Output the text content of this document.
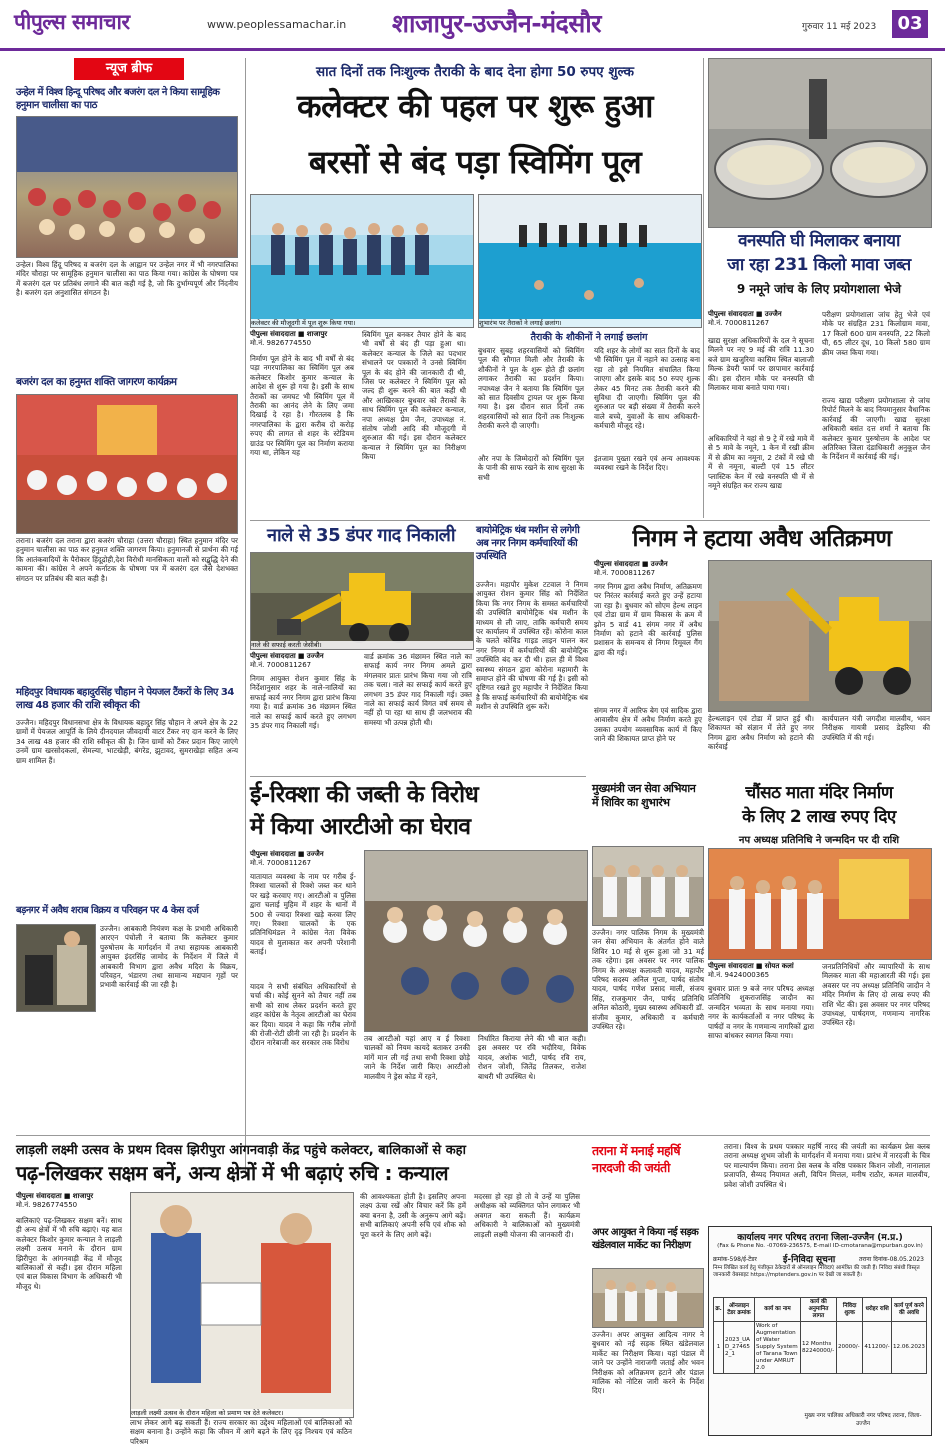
पीपुल्स समाचार	www.peoplessamachar.in शाजापुर-उज्जैन-मंदसौर	गुरुवार 11 मई 2023	03
न्यूज ब्रीफ
उन्हेल में विश्व हिन्दू परिषद और बजरंग दल ने किया सामूहिक हनुमान चालीसा का पाठ
उन्हेल। विश्व हिंदू परिषद व बजरंग दल के आह्वान पर उन्हेल नगर में भी नगरपालिका मंदिर चौराहा पर सामूहिक हनुमान चालीसा का पाठ किया गया। कांग्रेस के घोषणा पत्र में बजरंग दल पर प्रतिबंध लगाने की बात कही गई है, जो कि दुर्भाग्यपूर्ण और निंदनीय है। बजरंग दल अनुशासित संगठन है।
बजरंग दल का हनुमत शक्ति जागरण कार्यक्रम
तराना। बजरंग दल तराना द्वारा बजरंग चौराहा (उत्तरा चौराहा) स्थित हनुमान मंदिर पर हनुमान चालीसा का पाठ कर हनुमत शक्ति जागरण किया। हनुमानजी से प्रार्थना की गई कि आतंकवादियों के पैरोकार हिंदूद्रोही,देश विरोधी मानसिकता वालों को सद्बुद्धि देने की कामना की। कांग्रेस ने अपने कर्नाटक के घोषणा पत्र में बजरंग दल जैसे देशभक्त संगठन पर प्रतिबंध की बात कही है।
महिदपुर विधायक बहादुरसिंह चौहान ने पेयजल टैंकरों के लिए 34 लाख 48 हजार की राशि स्वीकृत की
उज्जैन। महिदपुर विधानसभा क्षेत्र के विधायक बहादुर सिंह चौहान ने अपने क्षेत्र के 22 ग्रामों में पेयजल आपूर्ति के लिये दीनदयाल जीवदायी वाटर टैंकर नए दान करने के लिए 34 लाख 48 हजार की राशि स्वीकृत की है। जिन ग्रामों को टैंकर प्रदान किए जाएंगे उनमें ग्राम खरसोदकलां, सेमल्या, भाटखेड़ी, बंगरेड, झुटावद, सुमराखेड़ा सहित अन्य ग्राम शामिल हैं।
बड़नगर में अवैध शराब विक्रय व परिवहन पर 4 केस दर्ज
उज्जैन। आबकारी नियंत्रण कक्ष के प्रभारी अधिकारी आरएन पंचोली ने बताया कि कलेक्टर कुमार पुरुषोत्तम के मार्गदर्शन में तथा सहायक आबकारी आयुक्त इंदरसिंह जामोद के निर्देशन में जिले में आबकारी विभाग द्वारा अवैध मदिरा के विक्रय, परिवहन, भंडारण तथा सामान्य मद्यपान गृहों पर प्रभावी कार्रवाई की जा रही है।
सात दिनों तक निःशुल्क तैराकी के बाद देना होगा 50 रुपए शुल्क
कलेक्टर की पहल पर शुरू हुआ
बरसों से बंद पड़ा स्विमिंग पूल
कलेक्टर की मौजूदगी में पूल शुरू किया गया।	शुभारंभ पर तैराकों ने लगाई छलांग।
पीपुल्स संवाददाता ■ शाजापुर
मो.नं. 9826774550
निर्माण पूल होने के बाद भी वर्षों से बंद पड़ा नगरपालिका का स्विमिंग पूल अब कलेक्टर किशोर कुमार कन्याल के आदेश से शुरू हो गया है। इसी के साथ तैराकों का जमघट भी स्विमिंग पूल में तैराकी का आनंद लेने के लिए जमा दिखाई दे रहा है। गौरतलब है कि नगरपालिका के द्वारा करीब दो करोड़ रुपए की लागत से शहर के स्टेडियम ग्राउंड पर स्विमिंग पूल का निर्माण कराया गया था, लेकिन यह
स्विमिंग पूल बनकर तैयार होने के बाद भी वर्षों से बंद ही पड़ा हुआ था। कलेक्टर कन्याल के जिले का पदभार संभालने पर पत्रकारों ने उनसे स्विमिंग पूल के बंद होने की जानकारी दी थी, जिस पर कलेक्टर ने स्विमिंग पूल को जल्द ही शुरू करने की बात कही थी और आखिरकार बुधवार को तैराकों के साथ स्विमिंग पूल की कलेक्टर कन्याल, नपा अध्यक्ष प्रेम जैन, उपाध्यक्ष नं. संतोष जोशी आदि की मौजूदगी में शुरुआत की गई। इस दौरान कलेक्टर कन्याल ने स्विमिंग पूल का निरीक्षण किया
तैराकी के शौकीनों ने लगाई छलांग
बुधवार सुबह शहरवासियों को स्विमिंग पूल की सौगात मिली और तैराकी के शौकीनों ने पूल के शुरू होते ही छलांग लगाकर तैराकी का प्रदर्शन किया। नपाध्यक्ष जैन ने बताया कि स्विमिंग पूल को सात दिवसीय ट्रायल पर शुरू किया गया है। इस दौरान सात दिनों तक शहरवासियों को सात दिनों तक निःशुल्क तैराकी करने दी जाएगी।
और नपा के जिम्मेदारों को स्विमिंग पूल के पानी की साफ रखने के साथ सुरक्षा के सभी
यदि शहर के लोगों का सात दिनों के बाद भी स्विमिंग पूल में नहाने का उत्साह बना रहा तो इसे नियमित संचालित किया जाएगा और इसके बाद 50 रुपए शुल्क लेकर 45 मिनट तक तैराकी करने की सुविधा दी जाएगी। स्विमिंग पूल की शुरुआत पर बड़ी संख्या में तैराकी करने वाले बच्चे, युवाओं के साथ अधिकारी-कर्मचारी मौजूद रहे।
इंतजाम पुख्ता रखने एवं अन्य आवश्यक व्यवस्था रखने के निर्देश दिए।
वनस्पति घी मिलाकर बनाया
जा रहा 231 किलो मावा जब्त
9 नमूने जांच के लिए प्रयोगशाला भेजे
पीपुल्स संवाददाता ■ उज्जैन
मो.नं. 7000811267
खाद्य सुरक्षा अधिकारियों के दल ने सूचना मिलने पर नए 9 मई की रात्रि 11.30 बजे ग्राम खजुरिया कासिम स्थित बालाजी मिल्क डेयरी फार्म पर छापामार कार्रवाई की। इस दौरान मौके पर वनस्पति घी मिलाकर मावा बनाते पाया गया।
अधिकारियों ने यहां से 9 ट्रे में रखे मावे में से 5 मावे के नमूने, 1 केन में रखी क्रीम में से क्रीम का नमूना, 2 टंकों में रखे घी में से नमूना, बाल्टी एवं 15 लीटर प्लास्टिक केन में रखे वनस्पति घी में से नमूने संग्रहित कर राज्य खाद्य
परीक्षण प्रयोगशाला जांच हेतु भेजे एवं मौके पर संग्रहित 231 किलोग्राम मावा, 17 किलो 600 ग्राम वनस्पति, 22 किलो घी, 65 लीटर दूध, 10 किलो 580 ग्राम क्रीम जब्त किया गया।
राज्य खाद्य परीक्षण प्रयोगशाला से जांच रिपोर्ट मिलने के बाद नियमानुसार वैधानिक कार्रवाई की जाएगी। खाद्य सुरक्षा अधिकारी बसंत दत्त शर्मा ने बताया कि कलेक्टर कुमार पुरुषोत्तम के आदेश पर अतिरिक्त जिला दंडाधिकारी अनुकूल जैन के निर्देशन में कार्रवाई की गई।
नाले से 35 डंपर गाद निकाली
नाले की सफाई करती जेसीबी।
पीपुल्स संवाददाता ■ उज्जैन
मो.नं. 7000811267
निगम आयुक्त रोशन कुमार सिंह के निर्देशानुसार शहर के नाले-नालियों का सफाई कार्य नगर निगम द्वारा प्रारंभ किया गया है। वार्ड क्रमांक 36 मंछामन स्थित नाले का सफाई कार्य करते हुए लगभग 35 डंपर गाद निकाली गई।
वार्ड क्रमांक 36 मंछामन स्थित नाले का सफाई कार्य नगर निगम अमले द्वारा मंगलवार प्रातः प्रारंभ किया गया जो रात्रि तक चला। नाले का सफाई कार्य करते हुए लगभग 35 डंपर गाद निकाली गई। उक्त नाले का सफाई कार्य विगत वर्ष समय से नहीं हो पा रहा था साथ ही जलभराव की समस्या भी उत्पन्न होती थी।
बायोमेट्रिक थंब मशीन से लगेगी अब नगर निगम कर्मचारियों की उपस्थिति
उज्जैन। महापौर मुकेश टटवाल ने निगम आयुक्त रोशन कुमार सिंह को निर्देशित किया कि नगर निगम के समस्त कर्मचारियों की उपस्थिति बायोमेट्रिक थंब मशीन के माध्यम से ली जाए, ताकि कर्मचारी समय पर कार्यालय में उपस्थित रहें। कोरोना काल के चलते कोविड गाइड लाइन पालन कर नगर निगम में कर्मचारियों की बायोमेट्रिक उपस्थिति बंद कर दी थी। हाल ही में विश्व स्वास्थ्य संगठन द्वारा कोरोना महामारी के समाप्त होने की घोषणा की गई है। इसी को दृष्टिगत रखते हुए महापौर ने निर्देशित किया है कि सफाई कर्मचारियों की बायोमेट्रिक थंब मशीन से उपस्थिति शुरू करें।
निगम ने हटाया अवैध अतिक्रमण
पीपुल्स संवाददाता ■ उज्जैन
मो.नं. 7000811267
नगर निगम द्वारा अवैध निर्माण, अतिक्रमण पर निरंतर कार्रवाई करते हुए उन्हें हटाया जा रहा है। बुधवार को सोएम हेल्थ लाइन एवं टोडा ग्राम में ग्राम विकास के क्रम में झोन 5 वार्ड 41 संगम नगर में अवैध निर्माण को हटाने की कार्रवाई पुलिस प्रशासन के समन्वय से निगम रिमूवल गैंग द्वारा की गई।
संगम नगर में आरिफ बेग एवं सादिक द्वारा आवासीय क्षेत्र में अवैध निर्माण करते हुए उसका उपयोग व्यवसायिक कार्य में किए जाने की शिकायत प्राप्त होने पर
हेल्थलाइन एवं टोडा में प्राप्त हुई थी। शिकायत को संज्ञान में लेते हुए नगर निगम द्वारा अवैध निर्माण को हटाने की कार्रवाई
कार्यपालन यंत्री जगदीश मालवीय, भवन निरीक्षक गायत्री प्रसाद डेहरिया की उपस्थिति में की गई।
ई-रिक्शा की जब्ती के विरोध
में किया आरटीओ का घेराव
पीपुल्स संवाददाता ■ उज्जैन
मो.नं. 7000811267
यातायात व्यवस्था के नाम पर गरीब ई-रिक्शा चालकों से रिक्शे जब्त कर थाने पर खड़े करवाए गए। आरटीओ व पुलिस द्वारा चलाई मुहिम में शहर के थानों में 500 से ज्यादा रिक्शा खड़े करवा लिए गए। रिक्शा चालकों के एक प्रतिनिधिमंडल ने कांग्रेस नेता विवेक यादव से मुलाकात कर अपनी परेशानी बताई।
यादव ने सभी संबंधित अधिकारियों से चर्चा की। कोई सुनने को तैयार नहीं तब सभी को साथ लेकर प्रदर्शन करते हुए शहर कांग्रेस के नेतृत्व आरटीओ का घेराव कर दिया। यादव ने कहा कि गरीब लोगों की रोजी-रोटी छीनी जा रही है। प्रदर्शन के दौरान नारेबाजी कर सरकार तक विरोध	तब आरटीओ यहां आए व ई रिक्शा चालकों को नियम कायदे बताकर उनकी मांगें मान ली गई तथा सभी रिक्शा छोड़े जाने के निर्देश जारी किए। आरटीओ मालवीय ने ड्रेस कोड में रहने,
निर्धारित किराया लेने की भी बात कही। इस अवसर पर रवि भदौरिया, विवेक यादव, अशोक भाटी, पार्षद रवि राय, रोशन जोशी, जितेंद्र तिलकर, राजेश बाथरी भी उपस्थित थे।
मुख्यमंत्री जन सेवा अभियान में शिविर का शुभारंभ
उज्जैन। नगर पालिक निगम के मुख्यमंत्री जन सेवा अभियान के अंतर्गत होने वाले शिविर 10 मई से शुरू हुआ जो 31 मई तक रहेगा। इस अवसर पर नगर पालिक निगम के अध्यक्ष कलावती यादव, महापौर परिषद सदस्य अनिल गुप्ता, पार्षद संतोष यादव, पार्षद गणेश प्रसाद माली, संजय सिंह, राजकुमार जैन, पार्षद प्रतिनिधि अनिल कोठारी, मुख्य स्वास्थ्य अधिकारी डॉ. संजीव कुमार, अधिकारी व कर्मचारी उपस्थित रहे।
चौंसठ माता मंदिर निर्माण
के लिए 2 लाख रुपए दिए
नप अध्यक्ष प्रतिनिधि ने जन्मदिन पर दी राशि
पीपुल्स संवाददाता ■ सोयत कलां
मो.नं. 9424000365
बुधवार प्रातः 9 बजे नगर परिषद अध्यक्ष प्रतिनिधि शुकराजसिंह जादौन का जन्मदिन भव्यता के साथ मनाया गया। नगर के कार्यकर्ताओं व नगर परिषद के पार्षदों व नगर के गणमान्य नागरिकों द्वारा साफा बांधकर स्वागत किया गया।
जनप्रतिनिधियों और व्यापारियों के साथ मिलकर माता की महाआरती की गई। इस अवसर पर नप अध्यक्ष प्रतिनिधि जादौन ने मंदिर निर्माण के लिए दो लाख रुपए की राशि भेंट की। इस अवसर पर नगर परिषद उपाध्यक्ष, पार्षदगण, गणमान्य नागरिक उपस्थित रहे।
लाड़ली लक्ष्मी उत्सव के प्रथम दिवस झिरीपुरा आंगनवाड़ी केंद्र पहुंचे कलेक्टर, बालिकाओं से कहा
पढ़-लिखकर सक्षम बनें, अन्य क्षेत्रों में भी बढ़ाएं रुचि : कन्याल
पीपुल्स संवाददाता ■ शाजापुर
मो.नं. 9826774550
बालिकाएं पढ़-लिखकर सक्षम बनें। साथ ही अन्य क्षेत्रों में भी रुचि बढ़ाएं। यह बात कलेक्टर किशोर कुमार कन्याल ने लाड़ली लक्ष्मी उत्सव मनाने के दौरान ग्राम झिरीपुरा के आंगनवाड़ी केंद्र में मौजूद बालिकाओं से कही। इस दौरान महिला एवं बाल विकास विभाग के अधिकारी भी मौजूद थे।
लाड़ली लक्ष्मी उत्सव के दौरान महिला को प्रमाण पत्र देते कलेक्टर।
लाभ लेकर आगे बढ़ सकती हैं। राज्य सरकार का उद्देश्य महिलाओं एवं बालिकाओं को सक्षम बनाना है। उन्होंने कहा कि जीवन में आगे बढ़ने के लिए दृढ़ निश्चय एवं कठिन परिश्रम
की आवश्यकता होती है। इसलिए अपना लक्ष्य ऊंचा रखें और विचार करें कि हमें क्या बनना है, उसी के अनुरूप आगे बढ़ें। सभी बालिकाएं अपनी रुचि एवं शौक को पूरा करने के लिए आगे बढ़ें।
मदरसा हो रहा हो तो वे उन्हें या पुलिस अधीक्षक को व्यक्तिगत फोन लगाकर भी अवगत करा सकती हैं। कार्यक्रम अधिकारी ने बालिकाओं को मुख्यमंत्री लाड़ली लक्ष्मी योजना की जानकारी दी।
तराना में मनाई महर्षि नारदजी की जयंती
तराना। विश्व के प्रथम पत्रकार महर्षि नारद की जयंती का कार्यक्रम प्रेस क्लब तराना अध्यक्ष शुभम जोशी के मार्गदर्शन में मनाया गया। प्रारंभ में नारदजी के चित्र पर माल्यार्पण किया। तराना प्रेस क्लब के वरिष्ठ पत्रकार किशन जोशी, नानालाल प्रजापति, सैय्यद नियामत अली, विपिन मित्तल, मनीष राठौर, कमल मालवीय, प्रवेश जोशी उपस्थित थे।
अपर आयुक्त ने किया नई सड़क खंडेलवाल मार्केट का निरीक्षण
उज्जैन। अपर आयुक्त आदित्य नागर ने बुधवार को नई सड़क स्थित खंडेलवाल मार्केट का निरीक्षण किया। यहां पंडाल में जाने पर उन्होंने नाराजगी जताई और भवन निरीक्षक को अतिक्रमण हटाने और पंडाल मालिक को नोटिस जारी करने के निर्देश दिए।
कार्यालय नगर परिषद तराना जिला-उज्जैन (म.प्र.)
(Fax & Phone No. -07069-236575, E-mail ID-cmotarana@mpurban.gov.in)
क्रमांक-598/ई-टेंडर	ई-निविदा सूचना	तराना दिनांक-08.05.2023
निम्न लिखित कार्य हेतु पंजीकृत ठेकेदारों से ऑनलाइन निविदाएं आमंत्रित की जाती हैं। निविदा संबंधी विस्तृत जानकारी वेबसाइट https://mptenders.gov.in पर देखी जा सकती है।
क्र.	ऑनलाइन टेंडर क्रमांक	कार्य का नाम	कार्य की अनुमानित लागत	निविदा शुल्क	धरोहर राशि	कार्य पूर्ण करने की अवधि
1	2023_UAD_274652_1	Work of Augmentation of Water Supply System of Tarana Town under AMRUT 2.0	12 Months 82240000/-	20000/-	411200/-	12.06.2023
मुख्य नगर पालिका अधिकारी नगर परिषद तराना, जिला-उज्जैन
